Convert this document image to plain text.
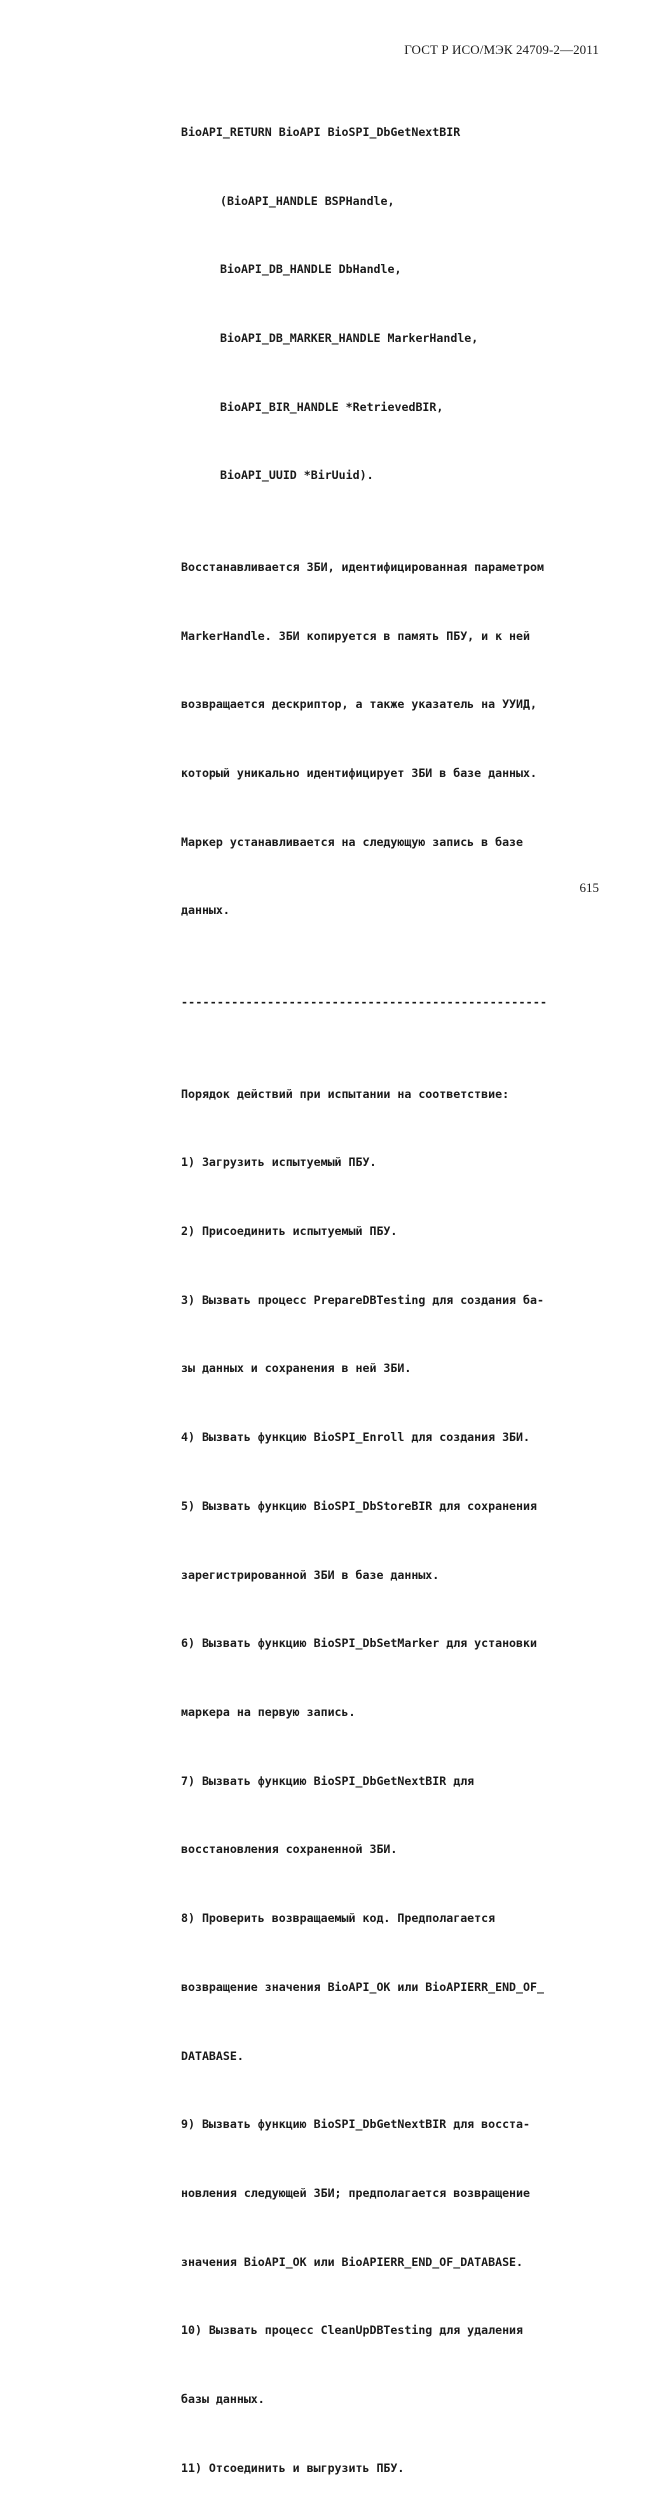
ГОСТ Р ИСО/МЭК 24709-2—2011

BioAPI_RETURN BioAPI BioSPI_DbGetNextBIR

(BioAPI_HANDLE BSPHandle,

BioAPI_DB_HANDLE DbHandle,

BioAPI_DB_MARKER_HANDLE MarkerHandle,

BioAPI_BIR_HANDLE *RetrievedBIR,

BioAPI_UUID *BirUuid).

Восстанавливается ЗБИ, идентифицированная параметром

MarkerHandle. ЗБИ копируется в память ПБУ, и к ней

возвращается дескриптор, а также указатель на УУИД,

который уникально идентифицирует ЗБИ в базе данных.

Маркер устанавливается на следующую запись в базе

данных.

---------------------------------------------------

Порядок действий при испытании на соответствие:

1) Загрузить испытуемый ПБУ.

2) Присоединить испытуемый ПБУ.

3) Вызвать процесс PrepareDBTesting для создания ба-

зы данных и сохранения в ней ЗБИ.

4) Вызвать функцию BioSPI_Enroll для создания ЗБИ.

5) Вызвать функцию BioSPI_DbStoreBIR для сохранения

зарегистрированной ЗБИ в базе данных.

6) Вызвать функцию BioSPI_DbSetMarker для установки

маркера на первую запись.

7) Вызвать функцию BioSPI_DbGetNextBIR для

восстановления сохраненной ЗБИ.

8) Проверить возвращаемый код. Предполагается

возвращение значения BioAPI_OK или BioAPIERR_END_OF_

DATABASE.

9) Вызвать функцию BioSPI_DbGetNextBIR для восста-

новления следующей ЗБИ; предполагается возвращение

значения BioAPI_OK или BioAPIERR_END_OF_DATABASE.

10) Вызвать процесс CleanUpDBTesting для удаления

базы данных.

11) Отсоединить и выгрузить ПБУ.

615
